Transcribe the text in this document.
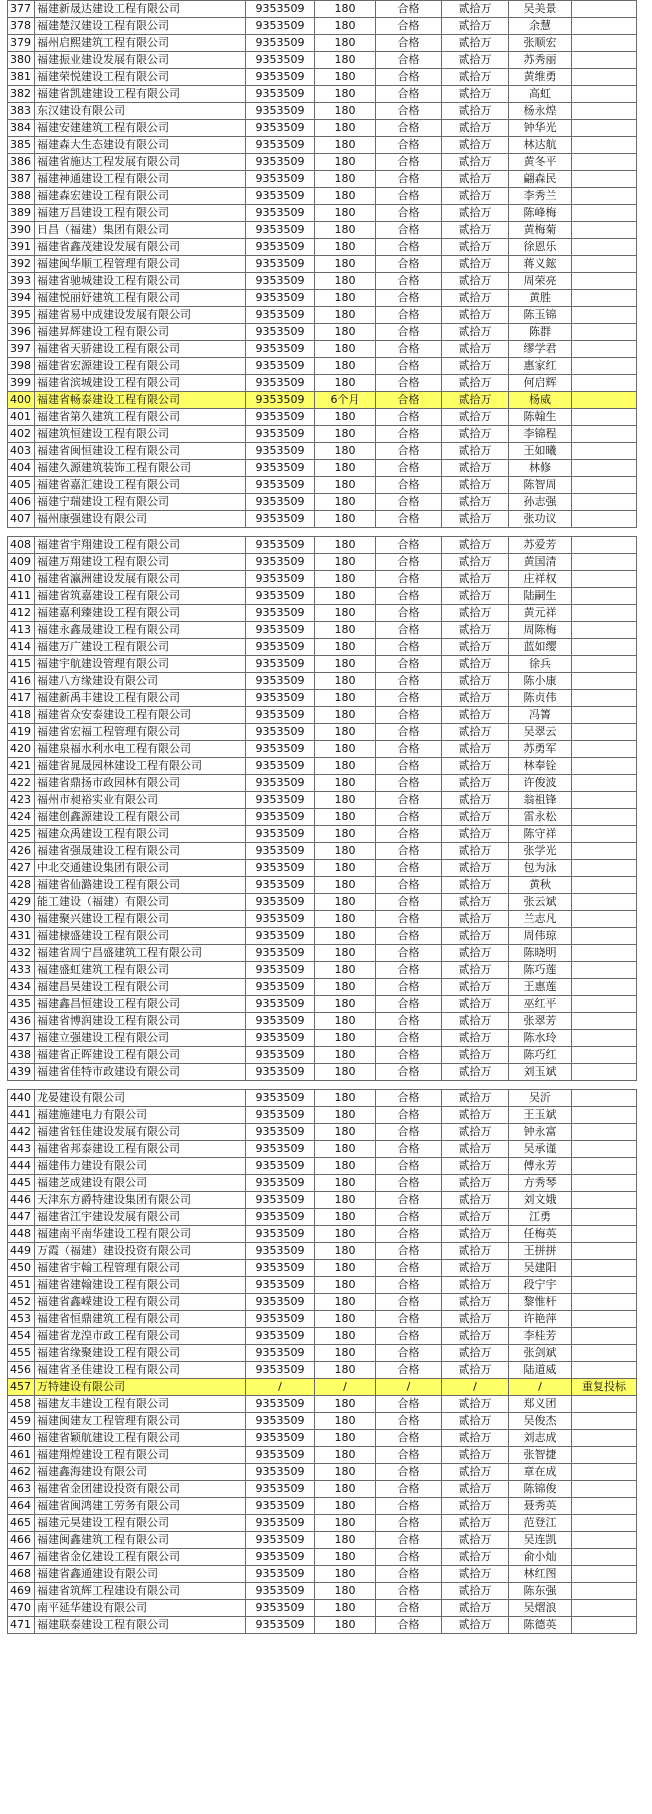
377	福建新晟达建设工程有限公司	9353509	180	合格	贰拾万	吴美景	
378	福建楚汉建设工程有限公司	9353509	180	合格	贰拾万	余慧	
379	福州启熙建筑工程有限公司	9353509	180	合格	贰拾万	张顺宏	
380	福建振业建设发展有限公司	9353509	180	合格	贰拾万	苏秀丽	
381	福建荣悦建设工程有限公司	9353509	180	合格	贰拾万	黄维勇	
382	福建省凯建建设工程有限公司	9353509	180	合格	贰拾万	高虹	
383	东汉建设有限公司	9353509	180	合格	贰拾万	杨永煌	
384	福建安建建筑工程有限公司	9353509	180	合格	贰拾万	钟华光	
385	福建森大生态建设有限公司	9353509	180	合格	贰拾万	林达航	
386	福建省施达工程发展有限公司	9353509	180	合格	贰拾万	黄冬平	
387	福建神通建设工程有限公司	9353509	180	合格	贰拾万	翩森民	
388	福建森宏建设工程有限公司	9353509	180	合格	贰拾万	李秀兰	
389	福建万昌建设工程有限公司	9353509	180	合格	贰拾万	陈峰梅	
390	日昌（福建）集团有限公司	9353509	180	合格	贰拾万	黄梅菊	
391	福建省鑫茂建设发展有限公司	9353509	180	合格	贰拾万	徐恩乐	
392	福建闽华顺工程管理有限公司	9353509	180	合格	贰拾万	蒋义鋐	
393	福建省驰城建设工程有限公司	9353509	180	合格	贰拾万	周荣亮	
394	福建悦丽妤建筑工程有限公司	9353509	180	合格	贰拾万	黄胜	
395	福建省易中成建设发展有限公司	9353509	180	合格	贰拾万	陈玉锦	
396	福建昇辉建设工程有限公司	9353509	180	合格	贰拾万	陈群	
397	福建省天骄建设工程有限公司	9353509	180	合格	贰拾万	缪学君	
398	福建省宏源建设工程有限公司	9353509	180	合格	贰拾万	惠家红	
399	福建省滨城建设工程有限公司	9353509	180	合格	贰拾万	何启辉	
400	福建省畅泰建设工程有限公司	9353509	6个月	合格	贰拾万	杨威	
401	福建省第久建筑工程有限公司	9353509	180	合格	贰拾万	陈翰生	
402	福建筑恒建设工程有限公司	9353509	180	合格	贰拾万	李锦程	
403	福建省闽恒建设工程有限公司	9353509	180	合格	贰拾万	王如曦	
404	福建久源建筑装饰工程有限公司	9353509	180	合格	贰拾万	林修	
405	福建省嘉汇建设工程有限公司	9353509	180	合格	贰拾万	陈智周	
406	福建宁瑞建设工程有限公司	9353509	180	合格	贰拾万	孙志强	
407	福州康强建设有限公司	9353509	180	合格	贰拾万	张功议	

408	福建省宇翔建设工程有限公司	9353509	180	合格	贰拾万	苏爱芳	
409	福建万翔建设工程有限公司	9353509	180	合格	贰拾万	黄国清	
410	福建省瀛洲建设发展有限公司	9353509	180	合格	贰拾万	庄祥权	
411	福建省筑嘉建设工程有限公司	9353509	180	合格	贰拾万	陆嗣生	
412	福建嘉利臻建设工程有限公司	9353509	180	合格	贰拾万	黄元祥	
413	福建永鑫晟建设工程有限公司	9353509	180	合格	贰拾万	周陈梅	
414	福建万广建设工程有限公司	9353509	180	合格	贰拾万	蓝如缨	
415	福建宇航建设管理有限公司	9353509	180	合格	贰拾万	徐兵	
416	福建八方缘建设有限公司	9353509	180	合格	贰拾万	陈小康	
417	福建新禹丰建设工程有限公司	9353509	180	合格	贰拾万	陈贞伟	
418	福建省众安泰建设工程有限公司	9353509	180	合格	贰拾万	冯箐	
419	福建省宏福工程管理有限公司	9353509	180	合格	贰拾万	吴翠云	
420	福建泉福水利水电工程有限公司	9353509	180	合格	贰拾万	苏勇军	
421	福建省晁晟园林建设工程有限公司	9353509	180	合格	贰拾万	林奉铨	
422	福建省鼎扬市政园林有限公司	9353509	180	合格	贰拾万	许俊波	
423	福州市昶裕实业有限公司	9353509	180	合格	贰拾万	翁祖锋	
424	福建创鑫源建设工程有限公司	9353509	180	合格	贰拾万	雷永松	
425	福建众禹建设工程有限公司	9353509	180	合格	贰拾万	陈守祥	
426	福建省强晟建设工程有限公司	9353509	180	合格	贰拾万	张学光	
427	中北交通建设集团有限公司	9353509	180	合格	贰拾万	包为泳	
428	福建省仙潞建设工程有限公司	9353509	180	合格	贰拾万	黄秋	
429	能工建设（福建）有限公司	9353509	180	合格	贰拾万	张云斌	
430	福建聚兴建设工程有限公司	9353509	180	合格	贰拾万	兰志凡	
431	福建棣盛建设工程有限公司	9353509	180	合格	贰拾万	周伟琼	
432	福建省周宁昌盛建筑工程有限公司	9353509	180	合格	贰拾万	陈晓明	
433	福建盛虹建筑工程有限公司	9353509	180	合格	贰拾万	陈巧莲	
434	福建昌昊建设工程有限公司	9353509	180	合格	贰拾万	王惠莲	
435	福建鑫昌恒建设工程有限公司	9353509	180	合格	贰拾万	巫红平	
436	福建省博润建设工程有限公司	9353509	180	合格	贰拾万	张翠芳	
437	福建立强建设工程有限公司	9353509	180	合格	贰拾万	陈水玲	
438	福建省正晖建设工程有限公司	9353509	180	合格	贰拾万	陈巧红	
439	福建省佳特市政建设有限公司	9353509	180	合格	贰拾万	刘玉斌	

440	龙晏建设有限公司	9353509	180	合格	贰拾万	吴沂	
441	福建施建电力有限公司	9353509	180	合格	贰拾万	王玉斌	
442	福建省钰佳建设发展有限公司	9353509	180	合格	贰拾万	钟永富	
443	福建省邦泰建设工程有限公司	9353509	180	合格	贰拾万	吴承谨	
444	福建伟力建设有限公司	9353509	180	合格	贰拾万	傅永芳	
445	福建芝成建设有限公司	9353509	180	合格	贰拾万	方秀琴	
446	天津东方爵特建设集团有限公司	9353509	180	合格	贰拾万	刘文娥	
447	福建省江宇建设发展有限公司	9353509	180	合格	贰拾万	江勇	
448	福建南平南华建设工程有限公司	9353509	180	合格	贰拾万	任梅英	
449	万霞（福建）建设投资有限公司	9353509	180	合格	贰拾万	王拼拼	
450	福建省宇翰工程管理有限公司	9353509	180	合格	贰拾万	吴建阳	
451	福建省建翰建设工程有限公司	9353509	180	合格	贰拾万	段宁宇	
452	福建省鑫嵘建设工程有限公司	9353509	180	合格	贰拾万	黎惟杆	
453	福建省恒鼎建筑工程有限公司	9353509	180	合格	贰拾万	许艳萍	
454	福建省龙湟市政工程有限公司	9353509	180	合格	贰拾万	李桂芳	
455	福建省缘聚建设工程有限公司	9353509	180	合格	贰拾万	张剑斌	
456	福建省圣佳建设工程有限公司	9353509	180	合格	贰拾万	陆道威	
457	万特建设有限公司	/	/	/	/	/	重复投标
458	福建友丰建设工程有限公司	9353509	180	合格	贰拾万	郑义团	
459	福建闽建友工程管理有限公司	9353509	180	合格	贰拾万	吴俊杰	
460	福建省颖航建设工程有限公司	9353509	180	合格	贰拾万	刘志成	
461	福建翔煌建设工程有限公司	9353509	180	合格	贰拾万	张智捷	
462	福建鑫海建设有限公司	9353509	180	合格	贰拾万	章在成	
463	福建省金团建设投资有限公司	9353509	180	合格	贰拾万	陈锦俊	
464	福建省闽鸿建工劳务有限公司	9353509	180	合格	贰拾万	聂秀英	
465	福建元昊建设工程有限公司	9353509	180	合格	贰拾万	范登江	
466	福建闽鑫建筑工程有限公司	9353509	180	合格	贰拾万	吴连凯	
467	福建省金亿建设工程有限公司	9353509	180	合格	贰拾万	俞小灿	
468	福建省鑫通建设有限公司	9353509	180	合格	贰拾万	林红图	
469	福建省筑辉工程建设有限公司	9353509	180	合格	贰拾万	陈东强	
470	南平延华建设有限公司	9353509	180	合格	贰拾万	吴熠浪	
471	福建联泰建设工程有限公司	9353509	180	合格	贰拾万	陈德英	
